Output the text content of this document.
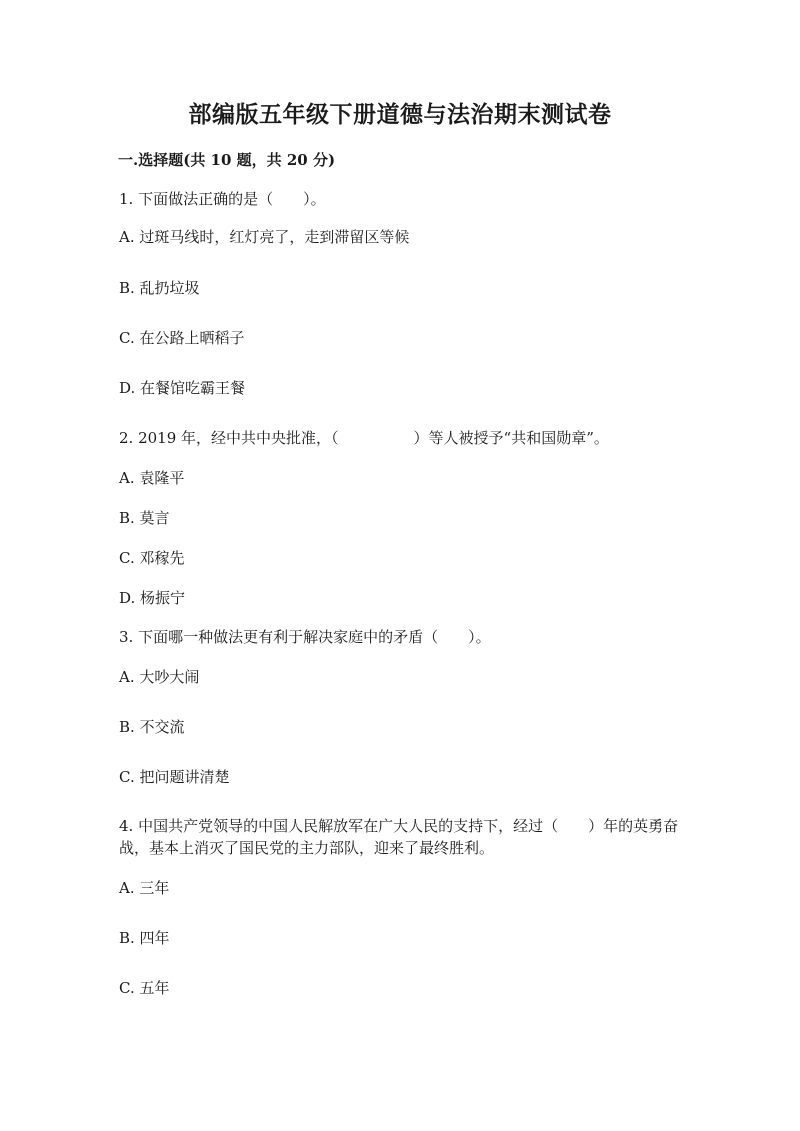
部编版五年级下册道德与法治期末测试卷
一.选择题(共 10 题，共 20 分)
1. 下面做法正确的是（　　）。
A. 过斑马线时，红灯亮了，走到滞留区等候
B. 乱扔垃圾
C. 在公路上晒稻子
D. 在餐馆吃霸王餐
2. 2019 年，经中共中央批准，（　　　　　）等人被授予“共和国勋章”。
A. 袁隆平
B. 莫言
C. 邓稼先
D. 杨振宁
3. 下面哪一种做法更有利于解决家庭中的矛盾（　　）。
A. 大吵大闹
B. 不交流
C. 把问题讲清楚
4. 中国共产党领导的中国人民解放军在广大人民的支持下，经过（　　）年的英勇奋战，基本上消灭了国民党的主力部队，迎来了最终胜利。
A. 三年
B. 四年
C. 五年
